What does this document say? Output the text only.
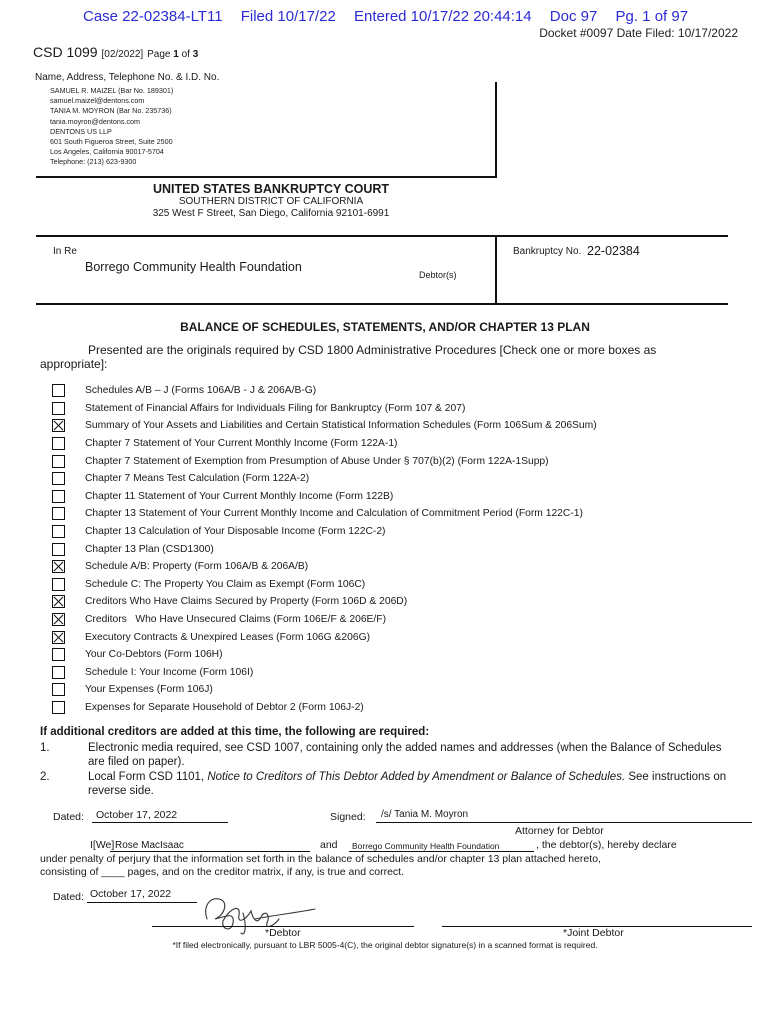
Case 22-02384-LT11 Filed 10/17/22 Entered 10/17/22 20:44:14 Doc 97 Pg. 1 of 97
Docket #0097 Date Filed: 10/17/2022
CSD 1099 [02/2022] Page 1 of 3
Name, Address, Telephone No. & I.D. No.
SAMUEL R. MAIZEL (Bar No. 189301)
samuel.maizel@dentons.com
TANIA M. MOYRON (Bar No. 235736)
tania.moyron@dentons.com
DENTONS US LLP
601 South Figueroa Street, Suite 2500
Los Angeles, California 90017-5704
Telephone: (213) 623-9300
UNITED STATES BANKRUPTCY COURT
SOUTHERN DISTRICT OF CALIFORNIA
325 West F Street, San Diego, California 92101-6991
In Re
Borrego Community Health Foundation
Debtor(s)
Bankruptcy No. 22-02384
BALANCE OF SCHEDULES, STATEMENTS, AND/OR CHAPTER 13 PLAN
Presented are the originals required by CSD 1800 Administrative Procedures [Check one or more boxes as
appropriate]:
Schedules A/B – J (Forms 106A/B - J & 206A/B-G)
Statement of Financial Affairs for Individuals Filing for Bankruptcy (Form 107 & 207)
Summary of Your Assets and Liabilities and Certain Statistical Information Schedules (Form 106Sum & 206Sum)
Chapter 7 Statement of Your Current Monthly Income (Form 122A-1)
Chapter 7 Statement of Exemption from Presumption of Abuse Under § 707(b)(2) (Form 122A-1Supp)
Chapter 7 Means Test Calculation (Form 122A-2)
Chapter 11 Statement of Your Current Monthly Income (Form 122B)
Chapter 13 Statement of Your Current Monthly Income and Calculation of Commitment Period (Form 122C-1)
Chapter 13 Calculation of Your Disposable Income (Form 122C-2)
Chapter 13 Plan (CSD1300)
Schedule A/B: Property (Form 106A/B & 206A/B)
Schedule C: The Property You Claim as Exempt (Form 106C)
Creditors Who Have Claims Secured by Property (Form 106D & 206D)
Creditors   Who Have Unsecured Claims (Form 106E/F & 206E/F)
Executory Contracts & Unexpired Leases (Form 106G &206G)
Your Co-Debtors (Form 106H)
Schedule I: Your Income (Form 106I)
Your Expenses (Form 106J)
Expenses for Separate Household of Debtor 2 (Form 106J-2)
If additional creditors are added at this time, the following are required:
1.	Electronic media required, see CSD 1007, containing only the added names and addresses (when the Balance of Schedules are filed on paper).
2.	Local Form CSD 1101, Notice to Creditors of This Debtor Added by Amendment or Balance of Schedules. See instructions on reverse side.
Dated: October 17, 2022	Signed: /s/ Tania M. Moyron
Attorney for Debtor
I[We] Rose MacIsaac	and Borrego Community Health Foundation	, the debtor(s), hereby declare
under penalty of perjury that the information set forth in the balance of schedules and/or chapter 13 plan attached hereto,
consisting of ____ pages, and on the creditor matrix, if any, is true and correct.
Dated: October 17, 2022
*Debtor	*Joint Debtor
*If filed electronically, pursuant to LBR 5005-4(C), the original debtor signature(s) in a scanned format is required.
